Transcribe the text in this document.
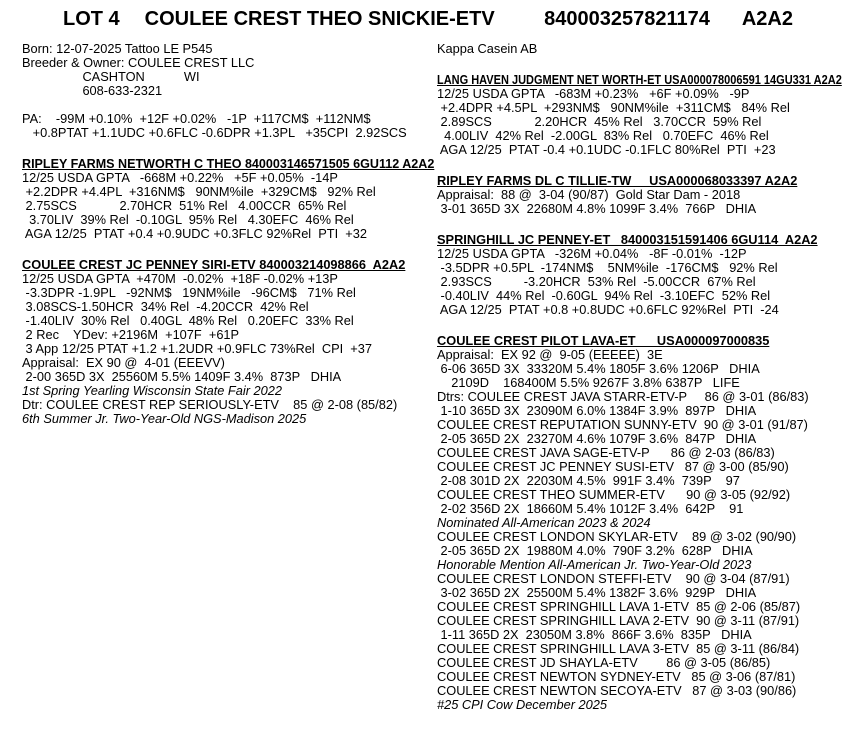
LOT 4 COULEE CREST THEO SNICKIE-ETV 840003257821174 A2A2
Born: 12-07-2025 Tattoo LE P545
Breeder & Owner: COULEE CREST LLC
CASHTON           WI
608-633-2321
PA:    -99M +0.10%  +12F +0.02%   -1P  +117CM$  +112NM$
+0.8PTAT +1.1UDC +0.6FLC -0.6DPR +1.3PL   +35CPI  2.92SCS
RIPLEY FARMS NETWORTH C THEO 840003146571505 6GU112 A2A2
12/25 USDA GPTA   -668M +0.22%   +5F +0.05%  -14P
+2.2DPR +4.4PL  +316NM$   90NM%ile  +329CM$   92% Rel
2.75SCS            2.70HCR  51% Rel   4.00CCR  65% Rel
3.70LIV  39% Rel  -0.10GL  95% Rel   4.30EFC  46% Rel
AGA 12/25  PTAT +0.4 +0.9UDC +0.3FLC 92%Rel  PTI  +32
COULEE CREST JC PENNEY SIRI-ETV 840003214098866  A2A2
12/25 USDA GPTA  +470M  -0.02%  +18F -0.02% +13P
-3.3DPR -1.9PL   -92NM$   19NM%ile   -96CM$   71% Rel
3.08SCS-1.50HCR  34% Rel  -4.20CCR  42% Rel
-1.40LIV  30% Rel   0.40GL  48% Rel   0.20EFC  33% Rel
2 Rec    YDev: +2196M  +107F  +61P
3 App 12/25 PTAT +1.2 +1.2UDR +0.9FLC 73%Rel  CPI  +37
Appraisal:  EX 90 @  4-01 (EEEVV)
2-00 365D 3X  25560M 5.5% 1409F 3.4%  873P   DHIA
1st Spring Yearling Wisconsin State Fair 2022
Dtr: COULEE CREST REP SERIOUSLY-ETV    85 @ 2-08 (85/82)
6th Summer Jr. Two-Year-Old NGS-Madison 2025
Kappa Casein AB
LANG HAVEN JUDGMENT NET WORTH-ET USA000078006591 14GU331 A2A2
12/25 USDA GPTA   -683M +0.23%   +6F +0.09%   -9P
+2.4DPR +4.5PL  +293NM$   90NM%ile  +311CM$   84% Rel
2.89SCS            2.20HCR  45% Rel   3.70CCR  59% Rel
4.00LIV  42% Rel  -2.00GL  83% Rel   0.70EFC  46% Rel
AGA 12/25  PTAT -0.4 +0.1UDC -0.1FLC 80%Rel  PTI  +23
RIPLEY FARMS DL C TILLIE-TW     USA000068033397 A2A2
Appraisal:  88 @  3-04 (90/87)  Gold Star Dam - 2018
3-01 365D 3X  22680M 4.8% 1099F 3.4%  766P   DHIA
SPRINGHILL JC PENNEY-ET   840003151591406 6GU114  A2A2
12/25 USDA GPTA   -326M +0.04%   -8F -0.01%  -12P
-3.5DPR +0.5PL  -174NM$    5NM%ile  -176CM$   92% Rel
2.93SCS         -3.20HCR  53% Rel  -5.00CCR  67% Rel
-0.40LIV  44% Rel  -0.60GL  94% Rel  -3.10EFC  52% Rel
AGA 12/25  PTAT +0.8 +0.8UDC +0.6FLC 92%Rel  PTI  -24
COULEE CREST PILOT LAVA-ET      USA000097000835
Appraisal:  EX 92 @  9-05 (EEEEE)  3E
6-06 365D 3X  33320M 5.4% 1805F 3.6% 1206P   DHIA
2109D    168400M 5.5% 9267F 3.8% 6387P   LIFE
Dtrs: COULEE CREST JAVA STARR-ETV-P     86 @ 3-01 (86/83)
1-10 365D 3X  23090M 6.0% 1384F 3.9%  897P   DHIA
COULEE CREST REPUTATION SUNNY-ETV  90 @ 3-01 (91/87)
2-05 365D 2X  23270M 4.6% 1079F 3.6%  847P   DHIA
COULEE CREST JAVA SAGE-ETV-P      86 @ 2-03 (86/83)
COULEE CREST JC PENNEY SUSI-ETV   87 @ 3-00 (85/90)
2-08 301D 2X  22030M 4.5%  991F 3.4%  739P    97
COULEE CREST THEO SUMMER-ETV      90 @ 3-05 (92/92)
2-02 356D 2X  18660M 5.4% 1012F 3.4%  642P    91
Nominated All-American 2023 & 2024
COULEE CREST LONDON SKYLAR-ETV    89 @ 3-02 (90/90)
2-05 365D 2X  19880M 4.0%  790F 3.2%  628P   DHIA
Honorable Mention All-American Jr. Two-Year-Old 2023
COULEE CREST LONDON STEFFI-ETV    90 @ 3-04 (87/91)
3-02 365D 2X  25500M 5.4% 1382F 3.6%  929P   DHIA
COULEE CREST SPRINGHILL LAVA 1-ETV  85 @ 2-06 (85/87)
COULEE CREST SPRINGHILL LAVA 2-ETV  90 @ 3-11 (87/91)
1-11 365D 2X  23050M 3.8%  866F 3.6%  835P   DHIA
COULEE CREST SPRINGHILL LAVA 3-ETV  85 @ 3-11 (86/84)
COULEE CREST JD SHAYLA-ETV        86 @ 3-05 (86/85)
COULEE CREST NEWTON SYDNEY-ETV   85 @ 3-06 (87/81)
COULEE CREST NEWTON SECOYA-ETV   87 @ 3-03 (90/86)
#25 CPI Cow December 2025
